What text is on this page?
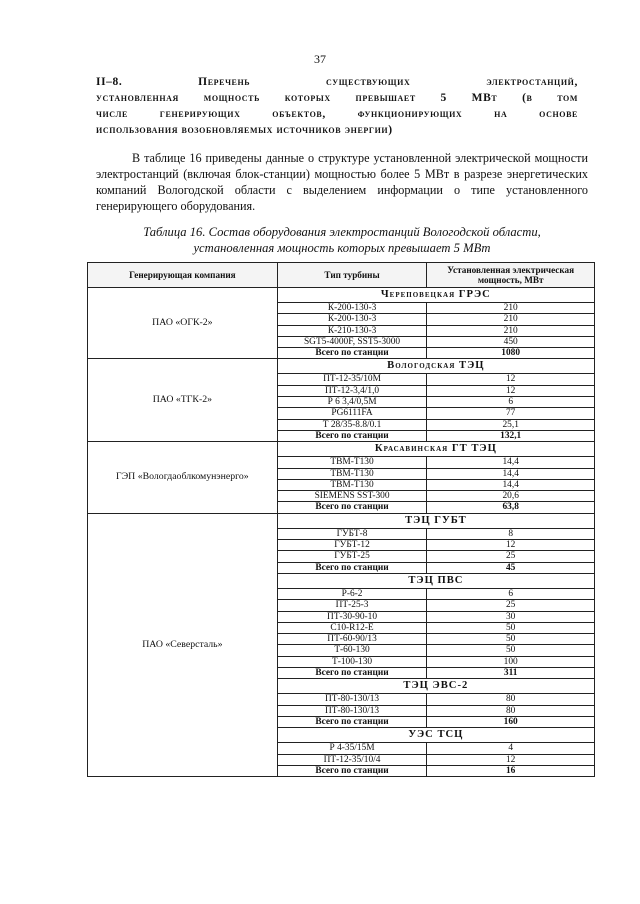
37
II–8. Перечень существующих электростанций,
установленная мощность которых превышает 5 МВт (в том
числе генерирующих объектов, функционирующих на основе
использования возобновляемых источников энергии)
В таблице 16 приведены данные о структуре установленной электрической мощности электростанций (включая блок-станции) мощностью более 5 МВт в разрезе энергетических компаний Вологодской области с выделением информации о типе установленного генерирующего оборудования.
Таблица 16. Состав оборудования электростанций Вологодской области,
установленная мощность которых превышает 5 МВт
Генерирующая компания	Тип турбины	Установленная электрическая мощность, МВт
ПАО «ОГК-2»	Череповецкая ГРЭС	
	К-200-130-3	210
	К-200-130-3	210
	К-210-130-3	210
	SGT5-4000F, SST5-3000	450
	Всего по станции	1080
ПАО «ТГК-2»	Вологодская ТЭЦ	
	ПТ-12-35/10М	12
	ПТ-12-3,4/1,0	12
	Р 6 3,4/0,5М	6
	PG6111FA	77
	Т 28/35-8.8/0.1	25,1
	Всего по станции	132,1
ГЭП «Вологдаоблкомунэнерго»	Красавинская ГТ ТЭЦ	
	ТВМ-Т130	14,4
	ТВМ-Т130	14,4
	ТВМ-Т130	14,4
	SIEMENS SST-300	20,6
	Всего по станции	63,8
ПАО «Северсталь»	ТЭЦ ГУБТ	
	ГУБТ-8	8
	ГУБТ-12	12
	ГУБТ-25	25
	Всего по станции	45
	ТЭЦ ПВС	
	Р-6-2	6
	ПТ-25-3	25
	ПТ-30-90-10	30
	C10-R12-E	50
	ПТ-60-90/13	50
	Т-60-130	50
	Т-100-130	100
	Всего по станции	311
	ТЭЦ ЭВС-2	
	ПТ-80-130/13	80
	ПТ-80-130/13	80
	Всего по станции	160
	УЭС ТСЦ	
	Р 4-35/15М	4
	ПТ-12-35/10/4	12
	Всего по станции	16
